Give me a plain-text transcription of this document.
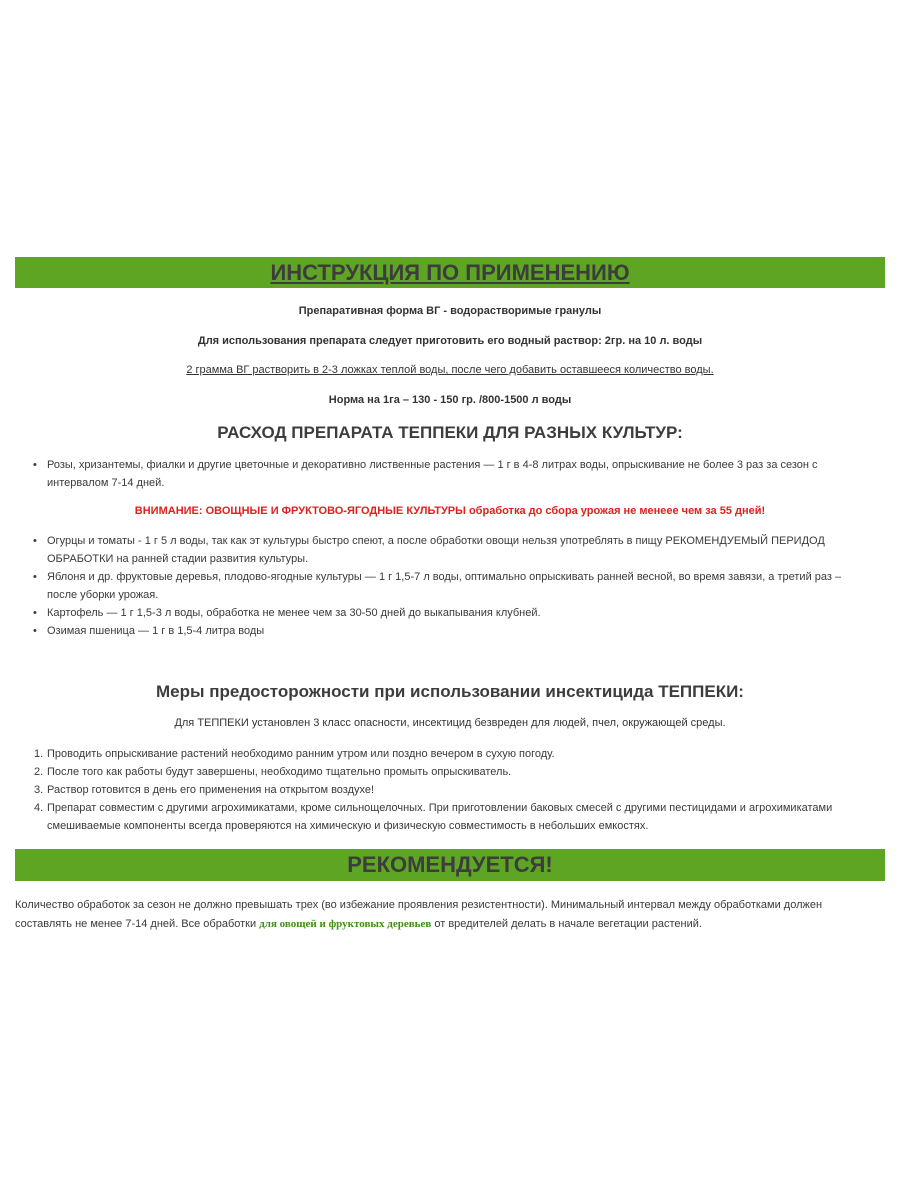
ИНСТРУКЦИЯ ПО ПРИМЕНЕНИЮ
Препаративная форма ВГ - водорастворимые гранулы
Для использования препарата следует приготовить его водный раствор: 2гр. на 10 л. воды
2 грамма ВГ растворить в 2-3 ложках теплой воды, после чего добавить оставшееся количество воды.
Норма на 1га – 130 - 150 гр. /800-1500 л воды
РАСХОД ПРЕПАРАТА ТЕППЕКИ ДЛЯ РАЗНЫХ КУЛЬТУР:
• Розы, хризантемы, фиалки и другие цветочные и декоративно лиственные растения — 1 г в 4-8 литрах воды, опрыскивание не более 3 раз за сезон с
интервалом 7-14 дней.
ВНИМАНИЕ: ОВОЩНЫЕ И ФРУКТОВО-ЯГОДНЫЕ КУЛЬТУРЫ обработка до сбора урожая не менеее чем за 55 дней!
• Огурцы и томаты - 1 г 5 л воды, так как эт культуры быстро спеют, а после обработки овощи нельзя употреблять в пищу РЕКОМЕНДУЕМЫЙ ПЕРИДОД
ОБРАБОТКИ на ранней стадии развития культуры.
• Яблоня и др. фруктовые деревья, плодово-ягодные культуры — 1 г 1,5-7 л воды, оптимально опрыскивать ранней весной, во время завязи, а третий раз –
после уборки урожая.
• Картофель — 1 г 1,5-3 л воды, обработка не менее чем за 30-50 дней до выкапывания клубней.
• Озимая пшеница — 1 г в 1,5-4 литра воды
Меры предосторожности при использовании инсектицида ТЕППЕКИ:
Для ТЕППЕКИ установлен 3 класс опасности, инсектицид безвреден для людей, пчел, окружающей среды.
1. Проводить опрыскивание растений необходимо ранним утром или поздно вечером в сухую погоду.
2. После того как работы будут завершены, необходимо тщательно промыть опрыскиватель.
3. Раствор готовится в день его применения на открытом воздухе!
4. Препарат совместим с другими агрохимикатами, кроме сильнощелочных. При приготовлении баковых смесей с другими пестицидами и агрохимикатами
смешиваемые компоненты всегда проверяются на химическую и физическую совместимость в небольших емкостях.
РЕКОМЕНДУЕТСЯ!
Количество обработок за сезон не должно превышать трех (во избежание проявления резистентности). Минимальный интервал между обработками должен
составлять не менее 7-14 дней. Все обработки для овощей и фруктовых деревьев от вредителей делать в начале вегетации растений.
